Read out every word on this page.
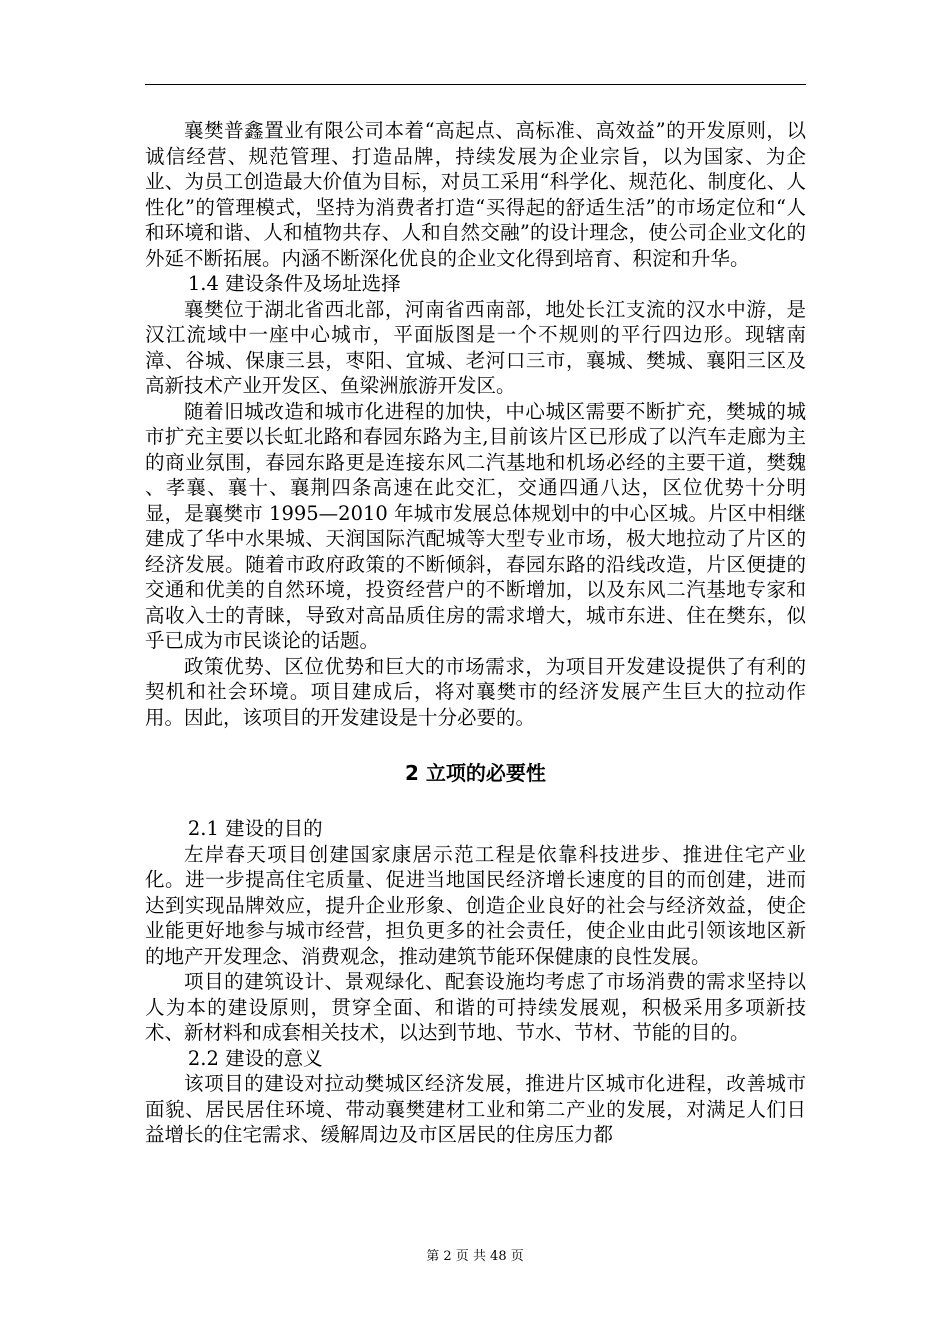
襄樊普鑫置业有限公司本着“高起点、高标准、高效益”的开发原则，以诚信经营、规范管理、打造品牌，持续发展为企业宗旨，以为国家、为企业、为员工创造最大价值为目标，对员工采用“科学化、规范化、制度化、人性化”的管理模式，坚持为消费者打造“买得起的舒适生活”的市场定位和“人和环境和谐、人和植物共存、人和自然交融”的设计理念，使公司企业文化的外延不断拓展。内涵不断深化优良的企业文化得到培育、积淀和升华。

1.4 建设条件及场址选择

襄樊位于湖北省西北部，河南省西南部，地处长江支流的汉水中游，是汉江流域中一座中心城市，平面版图是一个不规则的平行四边形。现辖南漳、谷城、保康三县，枣阳、宜城、老河口三市，襄城、樊城、襄阳三区及高新技术产业开发区、鱼梁洲旅游开发区。

随着旧城改造和城市化进程的加快，中心城区需要不断扩充，樊城的城市扩充主要以长虹北路和春园东路为主,目前该片区已形成了以汽车走廊为主的商业氛围，春园东路更是连接东风二汽基地和机场必经的主要干道，樊魏 、孝襄、襄十、襄荆四条高速在此交汇，交通四通八达，区位优势十分明显，是襄樊市 1995—2010 年城市发展总体规划中的中心区城。片区中相继建成了华中水果城、天润国际汽配城等大型专业市场，极大地拉动了片区的经济发展。随着市政府政策的不断倾斜，春园东路的沿线改造，片区便捷的交通和优美的自然环境，投资经营户的不断增加，以及东风二汽基地专家和高收入士的青睐，导致对高品质住房的需求增大，城市东进、住在樊东，似乎已成为市民谈论的话题。

政策优势、区位优势和巨大的市场需求，为项目开发建设提供了有利的契机和社会环境。项目建成后，将对襄樊市的经济发展产生巨大的拉动作用。因此，该项目的开发建设是十分必要的。

2 立项的必要性

2.1 建设的目的

左岸春天项目创建国家康居示范工程是依靠科技进步、推进住宅产业化。进一步提高住宅质量、促进当地国民经济增长速度的目的而创建，进而达到实现品牌效应，提升企业形象、创造企业良好的社会与经济效益，使企业能更好地参与城市经营，担负更多的社会责任，使企业由此引领该地区新的地产开发理念、消费观念，推动建筑节能环保健康的良性发展。

项目的建筑设计、景观绿化、配套设施均考虑了市场消费的需求坚持以人为本的建设原则，贯穿全面、和谐的可持续发展观，积极采用多项新技术、新材料和成套相关技术，以达到节地、节水、节材、节能的目的。

2.2 建设的意义

该项目的建设对拉动樊城区经济发展，推进片区城市化进程，改善城市面貌、居民居住环境、带动襄樊建材工业和第二产业的发展，对满足人们日益增长的住宅需求、缓解周边及市区居民的住房压力都

第 2 页 共 48 页
